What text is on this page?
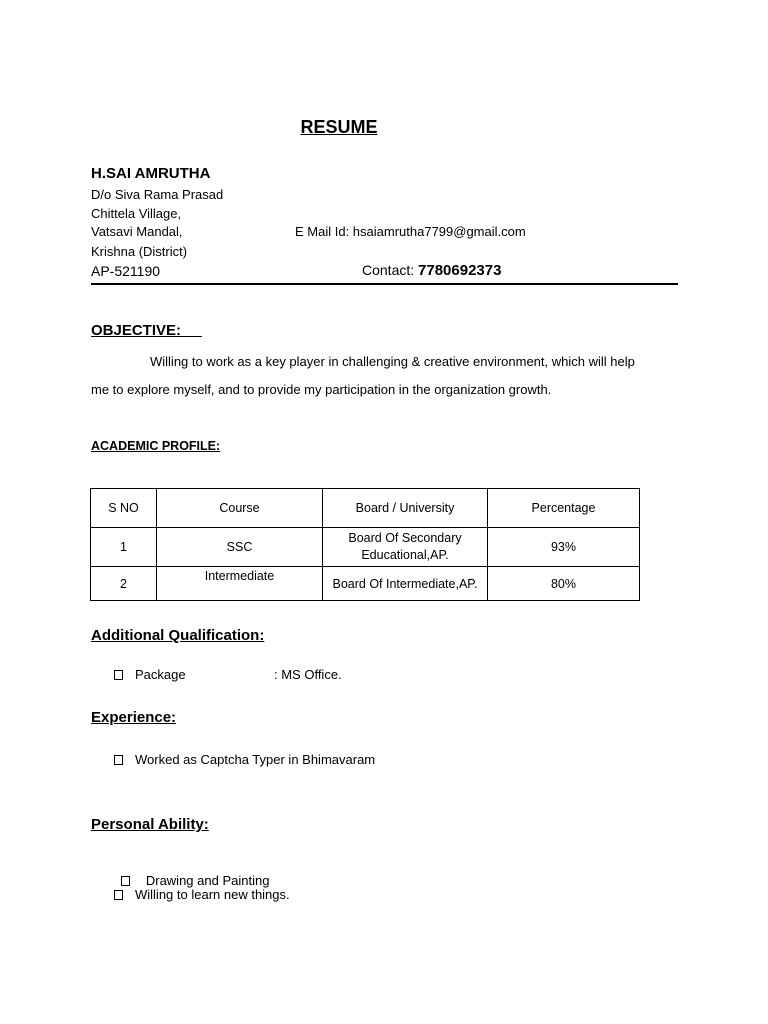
RESUME
H.SAI AMRUTHA
D/o Siva Rama Prasad
Chittela Village,
Vatsavi Mandal,
Krishna (District)
AP-521190
E Mail Id: hsaiamrutha7799@gmail.com
Contact: 7780692373
OBJECTIVE:
Willing to work as a key player in challenging & creative environment, which will help
me to explore myself, and to provide my participation in the organization growth.
ACADEMIC PROFILE:
S NO	Course	Board / University	Percentage
1	SSC	Board Of Secondary Educational,AP.	93%
2	Intermediate	Board Of Intermediate,AP.	80%
Additional Qualification:
Package	: MS Office.
Experience:
Worked as Captcha Typer in Bhimavaram
Personal Ability:

Drawing and Painting

Willing to learn new things.
